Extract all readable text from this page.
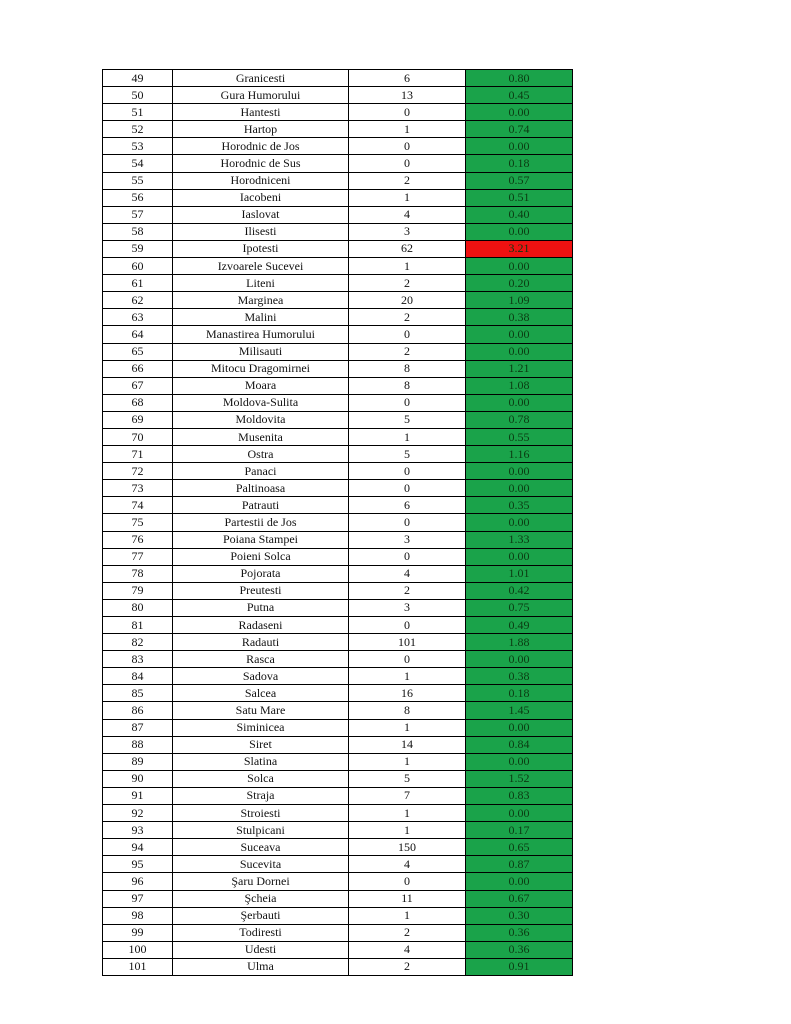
49	Granicesti	6	0.80
50	Gura Humorului	13	0.45
51	Hantesti	0	0.00
52	Hartop	1	0.74
53	Horodnic de Jos	0	0.00
54	Horodnic de Sus	0	0.18
55	Horodniceni	2	0.57
56	Iacobeni	1	0.51
57	Iaslovat	4	0.40
58	Ilisesti	3	0.00
59	Ipotesti	62	3.21
60	Izvoarele Sucevei	1	0.00
61	Liteni	2	0.20
62	Marginea	20	1.09
63	Malini	2	0.38
64	Manastirea Humorului	0	0.00
65	Milisauti	2	0.00
66	Mitocu Dragomirnei	8	1.21
67	Moara	8	1.08
68	Moldova-Sulita	0	0.00
69	Moldovita	5	0.78
70	Musenita	1	0.55
71	Ostra	5	1.16
72	Panaci	0	0.00
73	Paltinoasa	0	0.00
74	Patrauti	6	0.35
75	Partestii de Jos	0	0.00
76	Poiana Stampei	3	1.33
77	Poieni Solca	0	0.00
78	Pojorata	4	1.01
79	Preutesti	2	0.42
80	Putna	3	0.75
81	Radaseni	0	0.49
82	Radauti	101	1.88
83	Rasca	0	0.00
84	Sadova	1	0.38
85	Salcea	16	0.18
86	Satu Mare	8	1.45
87	Siminicea	1	0.00
88	Siret	14	0.84
89	Slatina	1	0.00
90	Solca	5	1.52
91	Straja	7	0.83
92	Stroiesti	1	0.00
93	Stulpicani	1	0.17
94	Suceava	150	0.65
95	Sucevita	4	0.87
96	Şaru Dornei	0	0.00
97	Şcheia	11	0.67
98	Şerbauti	1	0.30
99	Todiresti	2	0.36
100	Udesti	4	0.36
101	Ulma	2	0.91
